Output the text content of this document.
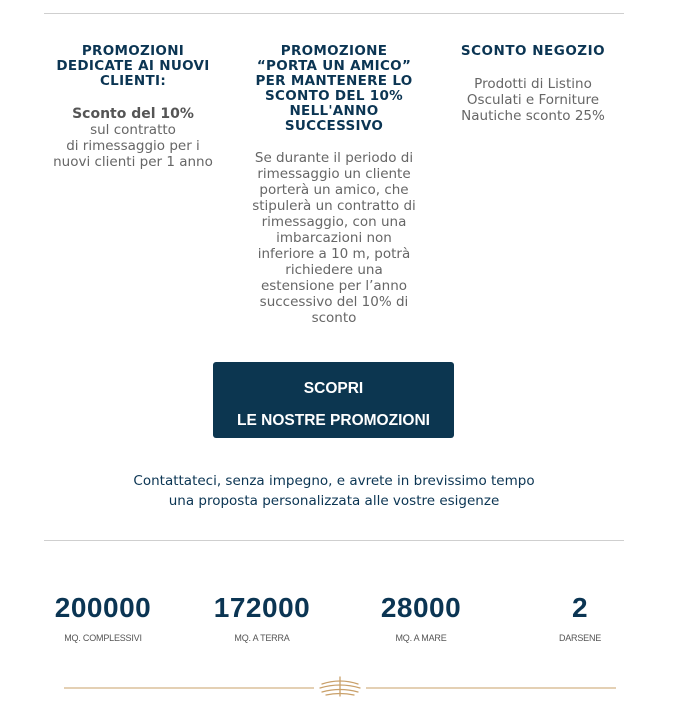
PROMOZIONI DEDICATE AI NUOVI CLIENTI:

Sconto del 10%
sul contratto
di rimessaggio per i
nuovi clienti per 1 anno

PROMOZIONE
“PORTA UN AMICO”
PER MANTENERE LO
SCONTO DEL 10%
NELL'ANNO
SUCCESSIVO

Se durante il periodo di
rimessaggio un cliente
porterà un amico, che
stipulerà un contratto di
rimessaggio, con una
imbarcazioni non
inferiore a 10 m, potrà
richiedere una
estensione per l’anno
successivo del 10% di
sconto

SCONTO NEGOZIO

Prodotti di Listino
Osculati e Forniture
Nautiche sconto 25%

SCOPRI
LE NOSTRE PROMOZIONI
Contattateci, senza impegno, e avrete in brevissimo tempo
una proposta personalizzata alle vostre esigenze
200000
MQ. COMPLESSIVI
172000
MQ. A TERRA
28000
MQ. A MARE
2
DARSENE
